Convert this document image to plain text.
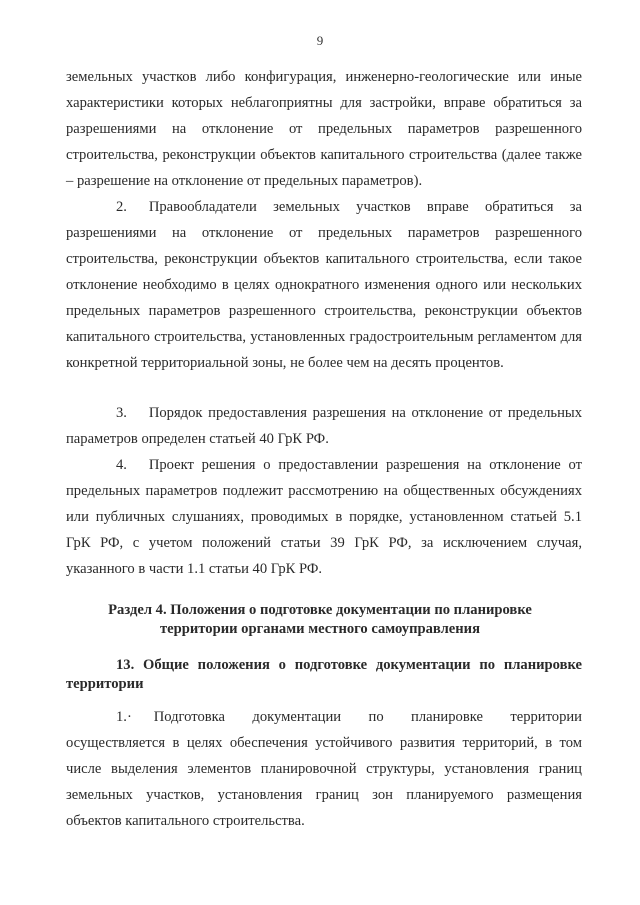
9

земельных участков либо конфигурация, инженерно-геологические или иные характеристики которых неблагоприятны для застройки, вправе обратиться за разрешениями на отклонение от предельных параметров разрешенного строительства, реконструкции объектов капитального строительства (далее также – разрешение на отклонение от предельных параметров).

2.  Правообладатели земельных участков вправе обратиться за разрешениями на отклонение от предельных параметров разрешенного строительства, реконструкции объектов капитального строительства, если такое отклонение необходимо в целях однократного изменения одного или нескольких предельных параметров разрешенного строительства, реконструкции объектов капитального строительства, установленных градостроительным регламентом для конкретной территориальной зоны, не более чем на десять процентов.

3.  Порядок предоставления разрешения на отклонение от предельных параметров определен статьей 40 ГрК РФ.

4.  Проект решения о предоставлении разрешения на отклонение от предельных параметров подлежит рассмотрению на общественных обсуждениях или публичных слушаниях, проводимых в порядке, установленном статьей 5.1 ГрК РФ, с учетом положений статьи 39 ГрК РФ, за исключением случая, указанного в части 1.1 статьи 40 ГрК РФ.

Раздел 4. Положения о подготовке документации по планировке
территории органами местного самоуправления

13. Общие положения о подготовке документации по планировке территории

1.·  Подготовка документации по планировке территории осуществляется в целях обеспечения устойчивого развития территорий, в том числе выделения элементов планировочной структуры, установления границ земельных участков, установления границ зон планируемого размещения объектов капитального строительства.
